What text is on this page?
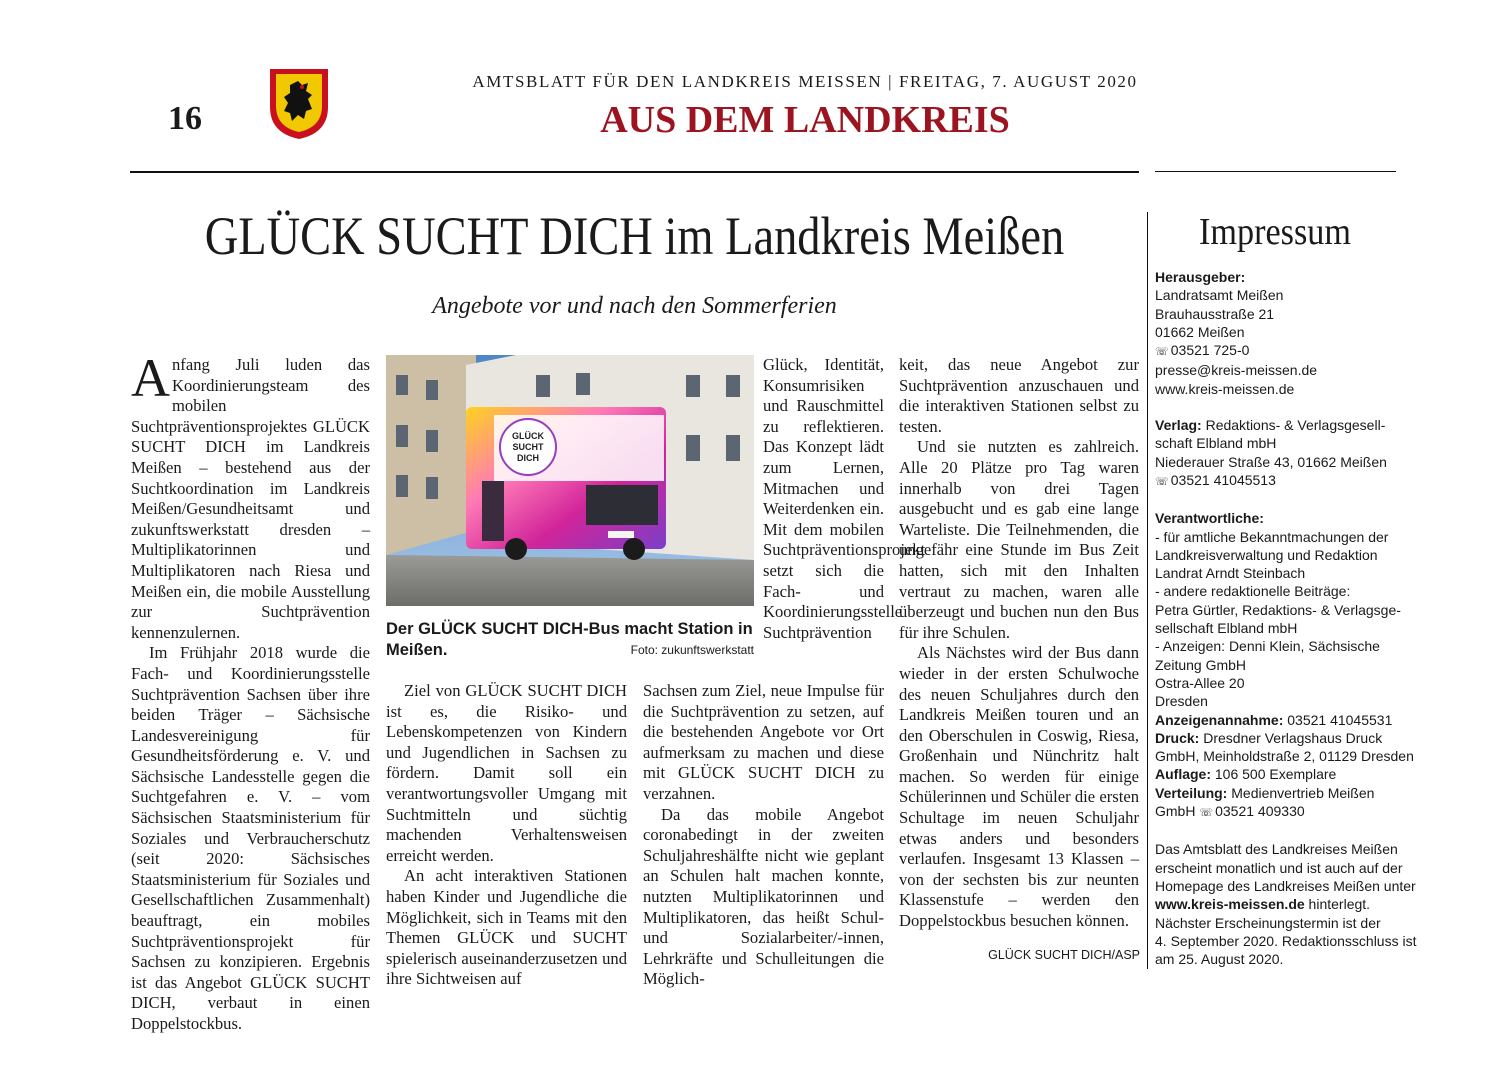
16
AMTSBLATT FÜR DEN LANDKREIS MEISSEN | FREITAG, 7. AUGUST 2020
AUS DEM LANDKREIS
GLÜCK SUCHT DICH im Landkreis Meißen
Angebote vor und nach den Sommerferien

Anfang Juli luden das Koordinierungsteam des mobilen Suchtpräventionsprojektes GLÜCK SUCHT DICH im Landkreis Meißen – bestehend aus der Suchtkoordination im Landkreis Meißen/Gesundheitsamt und zukunftswerkstatt dresden – Multiplikatorinnen und Multiplikatoren nach Riesa und Meißen ein, die mobile Ausstellung zur Suchtprävention kennenzulernen.

Im Frühjahr 2018 wurde die Fach- und Koordinierungsstelle Suchtprävention Sachsen über ihre beiden Träger – Sächsische Landesvereinigung für Gesundheitsförderung e. V. und Sächsische Landesstelle gegen die Suchtgefahren e. V. – vom Sächsischen Staatsministerium für Soziales und Verbraucherschutz (seit 2020: Sächsisches Staatsministerium für Soziales und Gesellschaftlichen Zusammenhalt) beauftragt, ein mobiles Suchtpräventionsprojekt für Sachsen zu konzipieren. Ergebnis ist das Angebot GLÜCK SUCHT DICH, verbaut in einen Doppelstockbus.

GLÜCK
SUCHT
DICH
Der GLÜCK SUCHT DICH-Bus macht Station in Meißen.	Foto: zukunftswerkstatt

Ziel von GLÜCK SUCHT DICH ist es, die Risiko- und Lebenskompetenzen von Kindern und Jugendlichen in Sachsen zu fördern. Damit soll ein verantwortungsvoller Umgang mit Suchtmitteln und süchtig machenden Verhaltensweisen erreicht werden.

An acht interaktiven Stationen haben Kinder und Jugendliche die Möglichkeit, sich in Teams mit den Themen GLÜCK und SUCHT spielerisch auseinanderzusetzen und ihre Sichtweisen auf

Glück, Identität, Konsumrisiken und Rauschmittel zu reflektieren. Das Konzept lädt zum Lernen, Mitmachen und Weiterdenken ein. Mit dem mobilen Suchtpräventionsprojekt setzt sich die Fach- und Koordinierungsstelle Suchtprävention

Sachsen zum Ziel, neue Impulse für die Suchtprävention zu setzen, auf die bestehenden Angebote vor Ort aufmerksam zu machen und diese mit GLÜCK SUCHT DICH zu verzahnen.

Da das mobile Angebot coronabedingt in der zweiten Schuljahreshälfte nicht wie geplant an Schulen halt machen konnte, nutzten Multiplikatorinnen und Multiplikatoren, das heißt Schul- und Sozialarbeiter/-innen, Lehrkräfte und Schulleitungen die Möglich-

keit, das neue Angebot zur Suchtprävention anzuschauen und die interaktiven Stationen selbst zu testen.

Und sie nutzten es zahlreich. Alle 20 Plätze pro Tag waren innerhalb von drei Tagen ausgebucht und es gab eine lange Warteliste. Die Teilnehmenden, die ungefähr eine Stunde im Bus Zeit hatten, sich mit den Inhalten vertraut zu machen, waren alle überzeugt und buchen nun den Bus für ihre Schulen.

Als Nächstes wird der Bus dann wieder in der ersten Schulwoche des neuen Schuljahres durch den Landkreis Meißen touren und an den Oberschulen in Coswig, Riesa, Großenhain und Nünchritz halt machen. So werden für einige Schülerinnen und Schüler die ersten Schultage im neuen Schuljahr etwas anders und besonders verlaufen. Insgesamt 13 Klassen – von der sechsten bis zur neunten Klassenstufe – werden den Doppelstockbus besuchen können.

GLÜCK SUCHT DICH/ASP
Impressum

Herausgeber:

Landratsamt Meißen

Brauhausstraße 21

01662 Meißen

☏ 03521 725-0

presse@kreis-meissen.de

www.kreis-meissen.de

Verlag: Redaktions- & Verlagsgesell-

schaft Elbland mbH

Niederauer Straße 43, 01662 Meißen

☏ 03521 41045513

Verantwortliche:

- für amtliche Bekanntmachungen der

Landkreisverwaltung und Redaktion

Landrat Arndt Steinbach

- andere redaktionelle Beiträge:

Petra Gürtler, Redaktions- & Verlagsge-

sellschaft Elbland mbH

- Anzeigen: Denni Klein, Sächsische

Zeitung GmbH

Ostra-Allee 20

Dresden

Anzeigenannahme: 03521 41045531

Druck: Dresdner Verlagshaus Druck

GmbH, Meinholdstraße 2, 01129 Dresden

Auflage: 106 500 Exemplare

Verteilung: Medienvertrieb Meißen

GmbH ☏ 03521 409330

Das Amtsblatt des Landkreises Meißen

erscheint monatlich und ist auch auf der

Homepage des Landkreises Meißen unter

www.kreis-meissen.de hinterlegt.

Nächster Erscheinungstermin ist der

4. September 2020. Redaktionsschluss ist

am 25. August 2020.
